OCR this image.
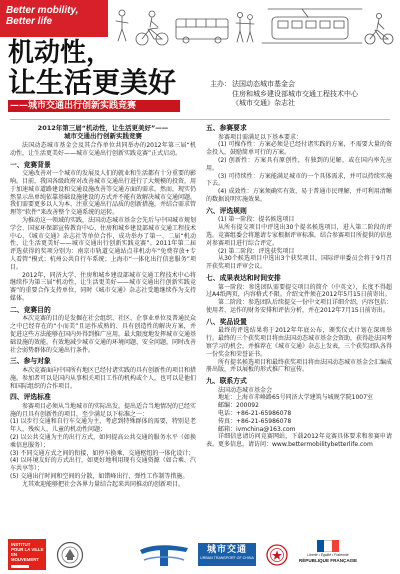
Better mobility,
Better life
机动性，
让生活更美好
——城市交通出行创新实践竞赛
主办： 法国动态城市基金会
住房和城乡建设部城市交通工程技术中心
《城市交通》杂志社
2012年第三届“机动性，让生活更美好”——
城市交通出行创新实践竞赛

法国动态城市基金会及其合作单位共同举办的2012年第三届“机动性，让生活更美好——城市交通出行创新实践竞赛”正式启动。

一、竞赛背景

交通改善对一个城市的发展及人们的就业和生活都有十分重要的影响。目前，我国各级政府对改善城市交通出行进行了大规模的投资，用于加速城市道路建设和交通设施改善等交通方面的需求。然而，现实仍然显示出单纯依靠基础设施建设的方式并不能有效解决城市交通问题，我们需要更多以人为本、注重交通出行品质的创新措施，并结合需求管理等“软件”来改善整个交通系统的运转。

为推动这一领域的实践，法国动态城市基金会先后与中国城市规划学会、国家环保部宣传教育中心、住房和城乡建设部城市交通工程技术中心、《城市交通》杂志社等单位合作，成功举办了第一、二届“机动性，让生活更美好——城市交通出行创新实践竞赛”。2011年第二届评选获得的奖项分别为：南京市轨道交通站点非机动车“免费存放+专人看管”模式；杭州公共自行车系统；上海市“一体化出行信息服务”项目。

2012年，同济大学、住房和城乡建设部城市交通工程技术中心将继续作为第三届“机动性，让生活更美好——城市交通出行创新实践竞赛”的重要合作支持单位，同时《城市交通》杂志社受邀继续作为支持媒体。

二、竞赛目的

本次竞赛的目的是发掘在社会组织、社区、企事业单位及普通民众之中已经存在的“小而美”且运作成熟的、具有创造性的解决方案，并促进这些方法能够在国内外得到推广应用，最大限度地发挥城市交通基础设施的效能，有效地减少城市交通的环境问题、安全问题，同时改善社会弱势群体的交通出行条件。

三、参与对象

本次竞赛面向中国所有地区已经付诸实践的具有创新性的项目和措施。参加者可以是国内从事相关项目工作的机构或个人，也可以是他们和国际组织的合作项目。

四、评选标准

参赛项目必须从当地城市的实际出发，提出适合当地情况的已经实施的且具有创新性的项目，至少满足以下标准之一：

(1) 以步行交通和自行车交通为主，考虑到特殊群体的需要，特别是老年人、残疾人、儿童的机动性问题；

(2) 以公共交通为主的出行方式，如何提高公共交通的服务水平（如换乘信息服务）；

(3) 不同交通方式之间的衔接，如停车换乘、交通枢纽的一体化设计；

(4) 以环境友好的方式出行，如更好地利用现有交通资源（如合乘、汽车共享等）；

(5) 交通出行时间和空间的分散，如错峰出行、弹性工作制等措施。

尤其欢迎能够把社会各界力量结合起来共同推动的创新项目。

五、参赛要求

参赛项目需满足以下基本要求：

(1) 可操作性：方案必须是已经付诸实践的方案，不需要大量的资金投入，鼓励简单可行的方案。

(2) 创新性：方案具有原创性，有独到的见解，或在国内率先应用。

(3) 可持续性：方案能满足城市的一个具体需求，并可以持续实施下去。

(4) 成效性：方案须确实有效，易于普通市民理解，并可利用清晰的数据说明实施效果。

六、评选规则

(1) 第一阶段：提名候选项目

从所有提交项目中评选出30个提名候选项目，进入第二阶段的评选。竞赛组委会将邀请专家根据评审标准，结合参赛项目所提供的信息对参赛项目进行综合评定。

(2) 第二阶段：评选获奖项目

从30个候选项目中选出3个获奖项目，国际评审委员会将于9月召开获奖项目评审会议。

七、成果表达和时间安排

第一阶段：参选团队需要提交项目的简介（中英文），长度不得超过A4纸两页，内容格式不限。介绍文件须在2012年5月15日前寄出。

第二阶段：参选团队后续提交一份中文项目详细介绍，内容包括：使用者、运作的财务安排和评估分析，并在2012年7月15日前寄出。

八、奖品设置

最终的评选结果将于2012年年底公布，颁奖仪式计划在深圳举行。最终的三个获奖项目将由法国动态城市基金会资助，获得赴法国考察学习的机会，并推荐在《城市交通》杂志上发表，三个获奖团队各得一份奖金和荣誉证书。

所有提名候选项目和最终获奖项目将由法国动态城市基金会汇编成册出版，并以展板的形式推广和宣传。

九、联系方式

法国动态城市基金会

地址：上海市赤峰路65号同济大学建筑与城规学院1007室

邮编：200092

电话：+86-21-65986078

传真：+86-21-65986078

邮箱：ivmchina@163.com

详细信息请访问竞赛网站，下载2012年竞赛具体要求和参赛申请表。更多信息，请访问：www.bettermobilitybetterlife.com

INSTITUT
POUR LA VILLE
EN MOUVEMENT
城市交通
URBAN TRANSPORT OF CHINA
Liberté • Égalité • Fraternité
RÉPUBLIQUE FRANÇAISE
